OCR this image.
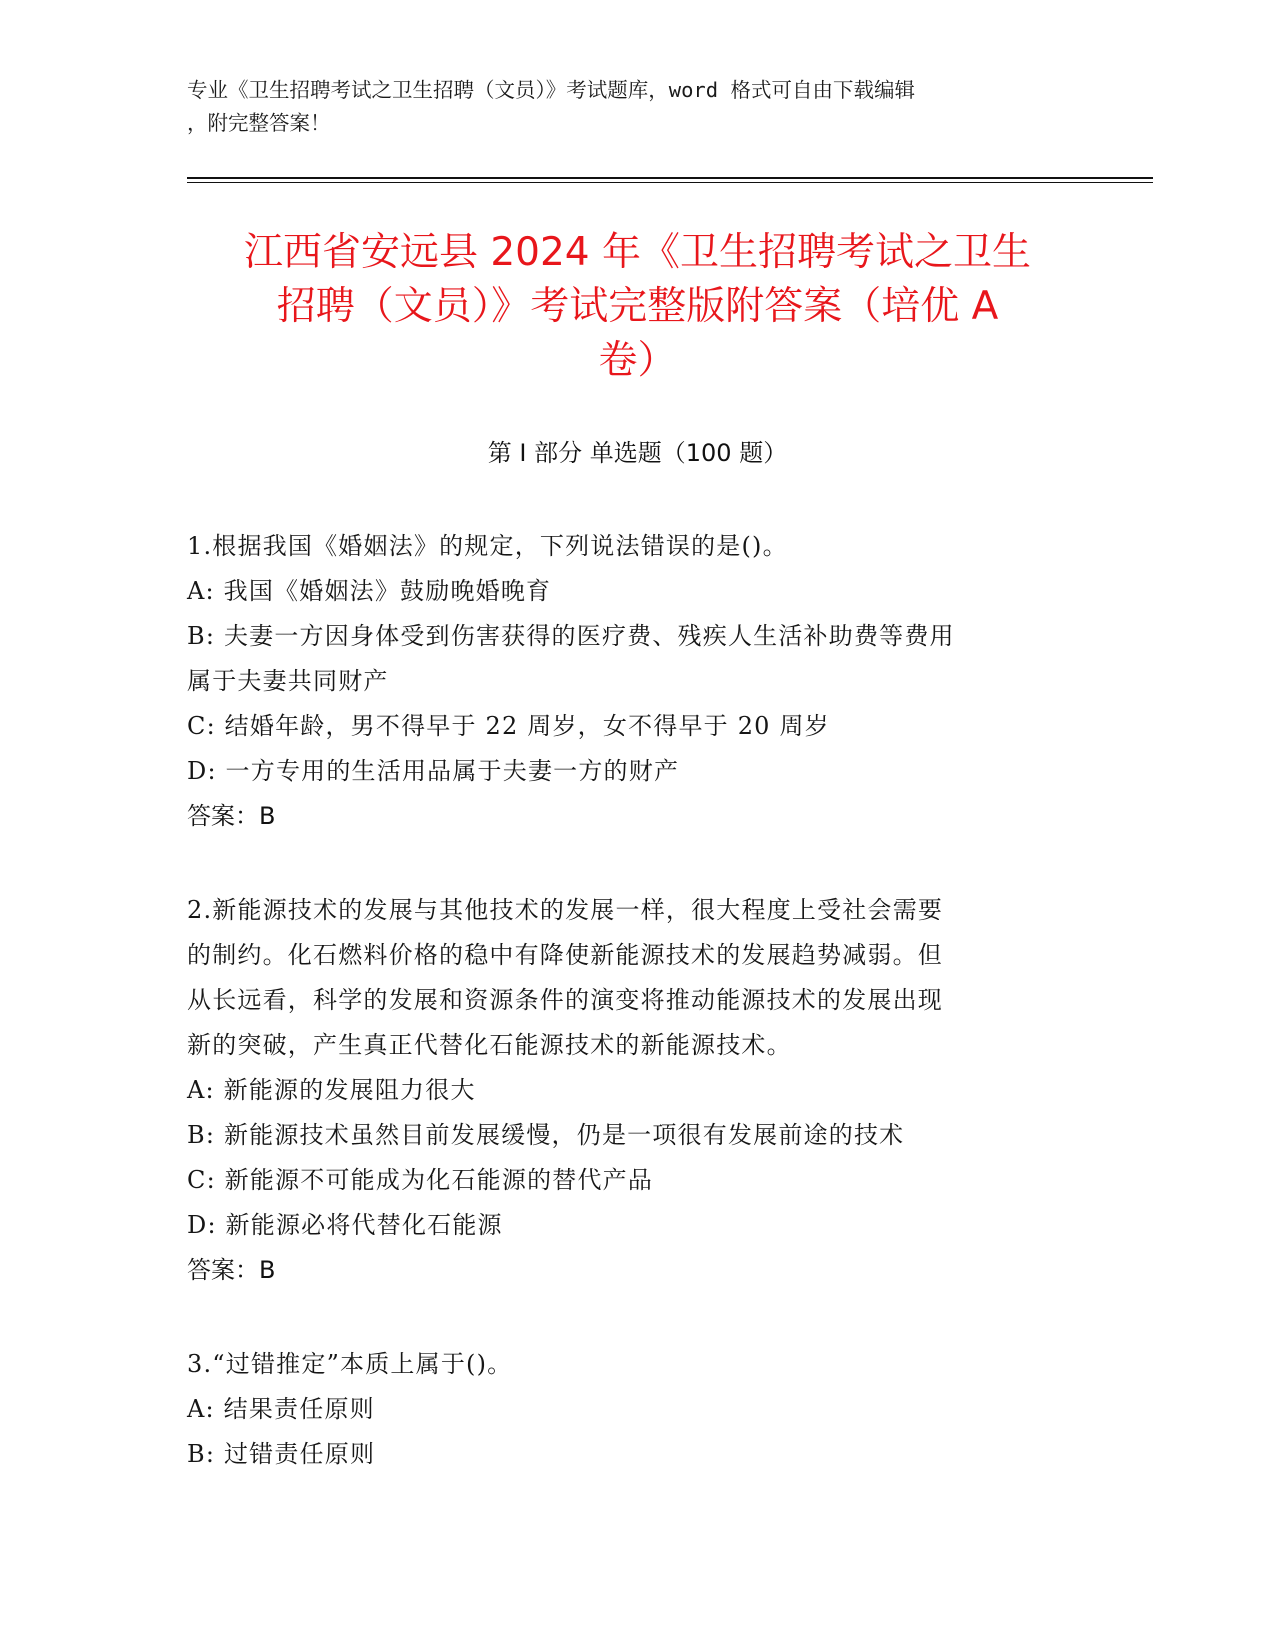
专业《卫生招聘考试之卫生招聘（文员）》考试题库，word 格式可自由下载编辑
，附完整答案！
江西省安远县 2024 年《卫生招聘考试之卫生
招聘（文员）》考试完整版附答案（培优 A
卷）
第 I 部分 单选题（100 题）
1.根据我国《婚姻法》的规定，下列说法错误的是()。
A: 我国《婚姻法》鼓励晚婚晚育
B: 夫妻一方因身体受到伤害获得的医疗费、残疾人生活补助费等费用
属于夫妻共同财产
C: 结婚年龄，男不得早于 22 周岁，女不得早于 20 周岁
D: 一方专用的生活用品属于夫妻一方的财产
答案：B
2.新能源技术的发展与其他技术的发展一样，很大程度上受社会需要
的制约。化石燃料价格的稳中有降使新能源技术的发展趋势减弱。但
从长远看，科学的发展和资源条件的演变将推动能源技术的发展出现
新的突破，产生真正代替化石能源技术的新能源技术。
A: 新能源的发展阻力很大
B: 新能源技术虽然目前发展缓慢，仍是一项很有发展前途的技术
C: 新能源不可能成为化石能源的替代产品
D: 新能源必将代替化石能源
答案：B
3.“过错推定”本质上属于()。
A: 结果责任原则
B: 过错责任原则
